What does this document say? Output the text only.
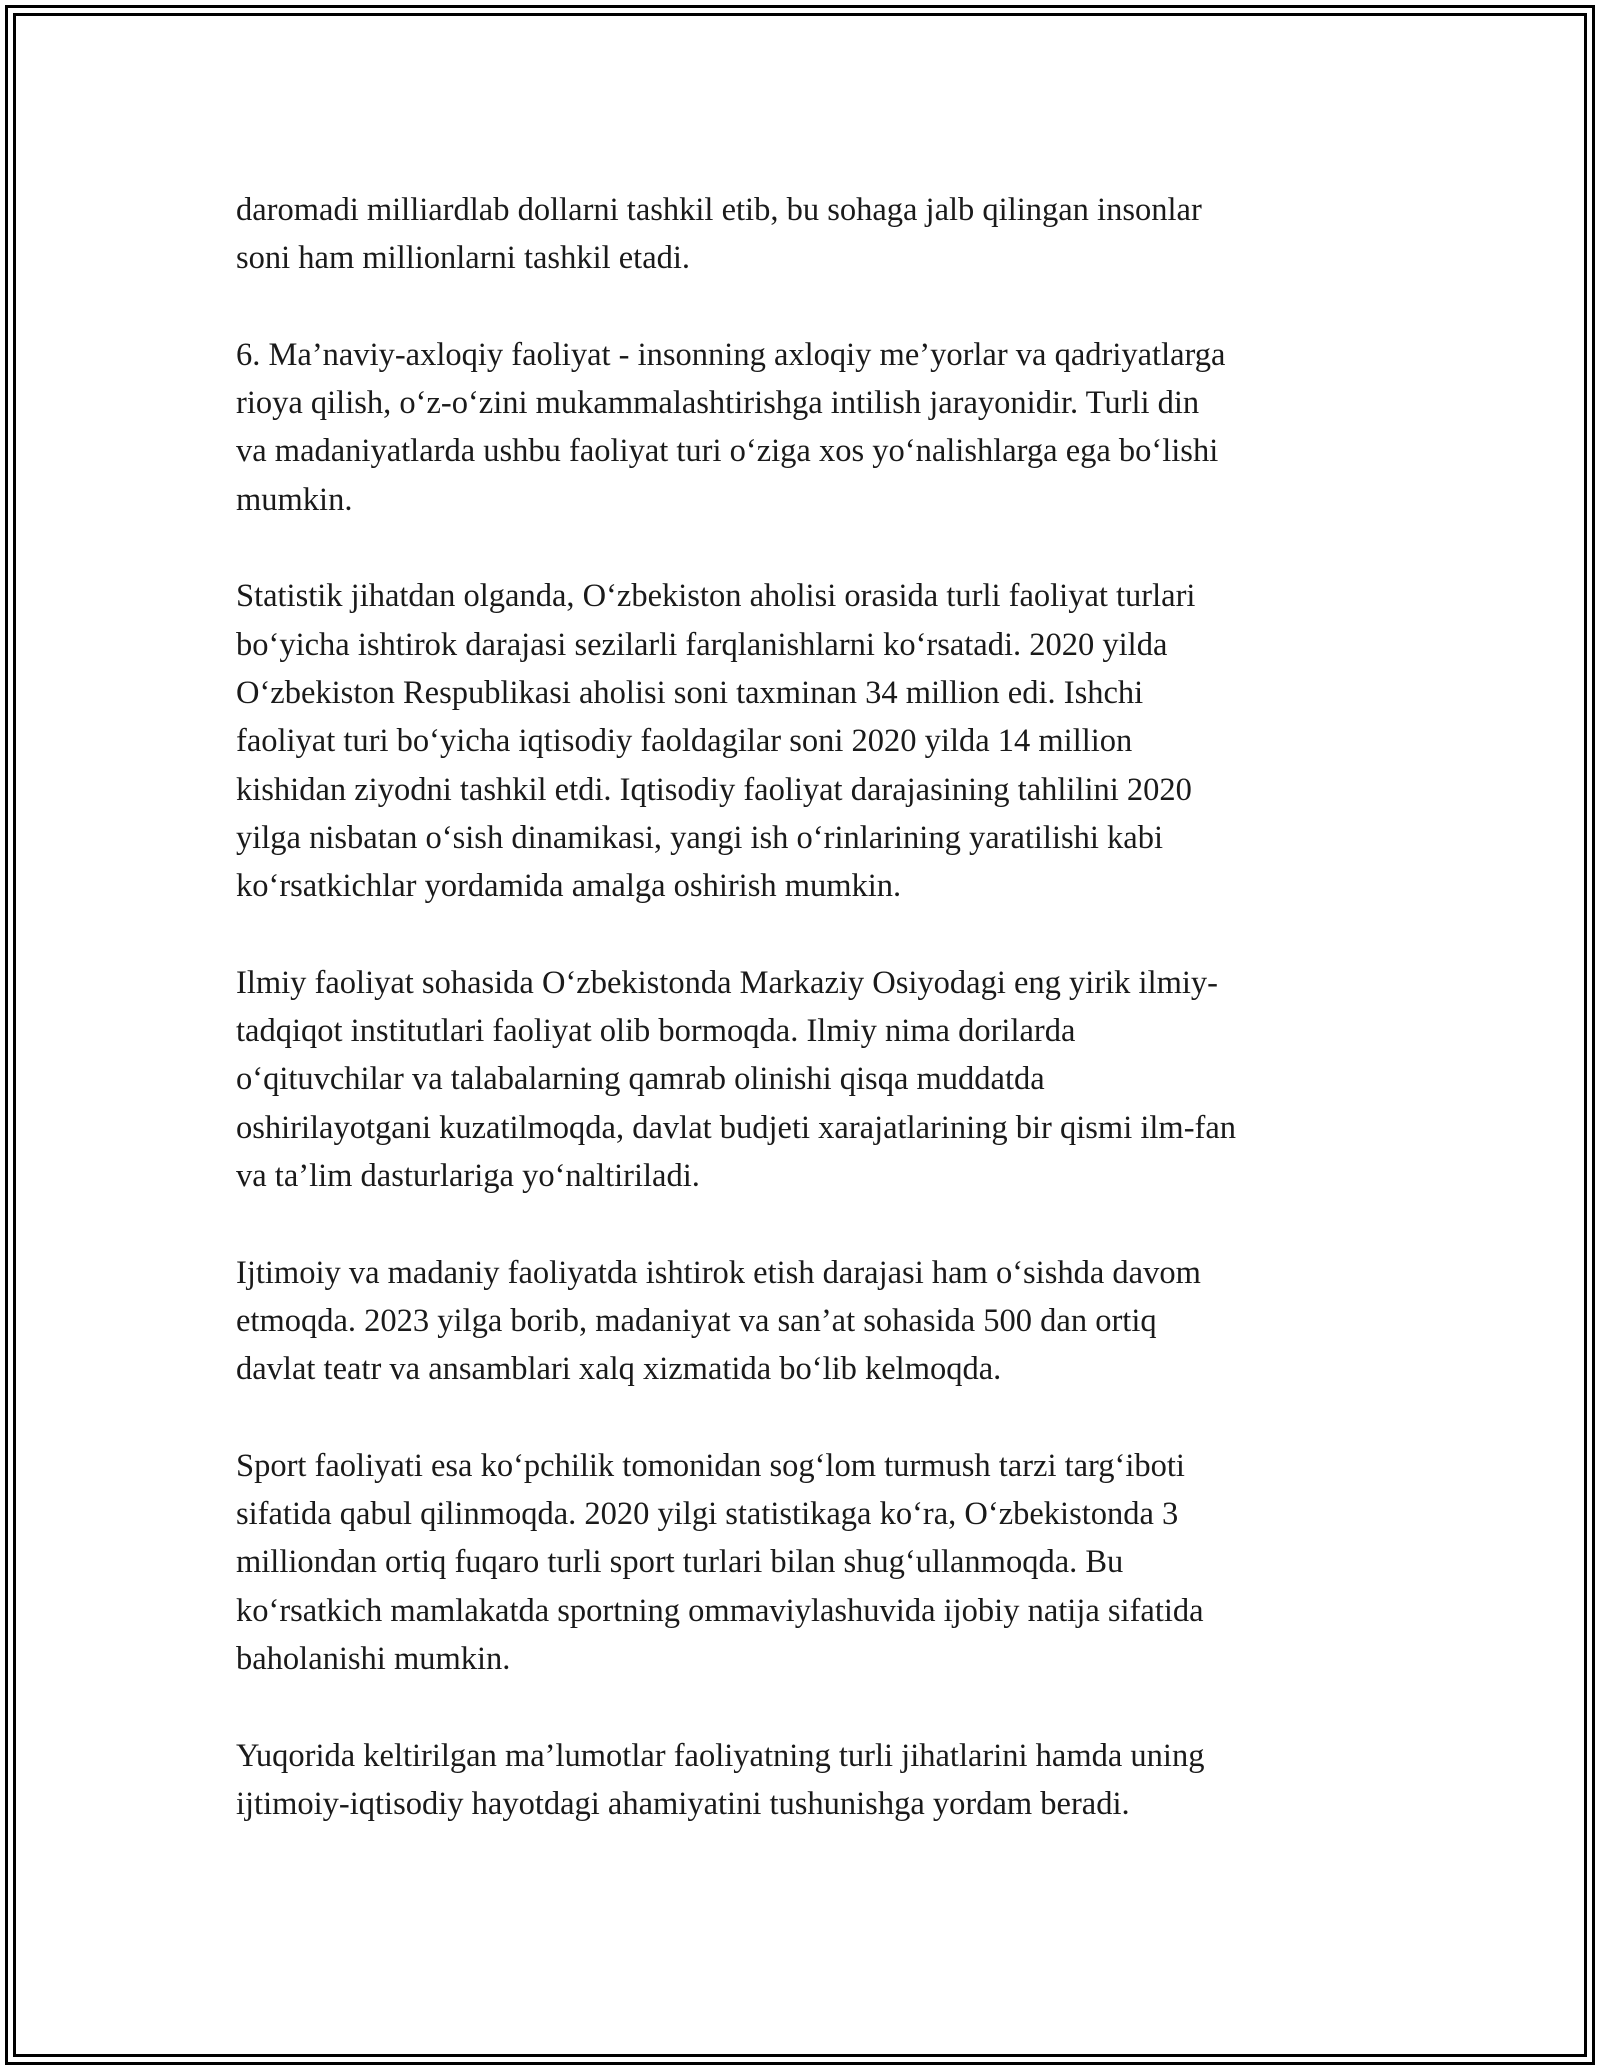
daromadi milliardlab dollarni tashkil etib, bu sohaga jalb qilingan insonlar
soni ham millionlarni tashkil etadi.

6. Ma’naviy-axloqiy faoliyat - insonning axloqiy me’yorlar va qadriyatlarga
rioya qilish, o‘z-o‘zini mukammalashtirishga intilish jarayonidir. Turli din
va madaniyatlarda ushbu faoliyat turi o‘ziga xos yo‘nalishlarga ega bo‘lishi
mumkin.

Statistik jihatdan olganda, O‘zbekiston aholisi orasida turli faoliyat turlari
bo‘yicha ishtirok darajasi sezilarli farqlanishlarni ko‘rsatadi. 2020 yilda
O‘zbekiston Respublikasi aholisi soni taxminan 34 million edi. Ishchi
faoliyat turi bo‘yicha iqtisodiy faoldagilar soni 2020 yilda 14 million
kishidan ziyodni tashkil etdi. Iqtisodiy faoliyat darajasining tahlilini 2020
yilga nisbatan o‘sish dinamikasi, yangi ish o‘rinlarining yaratilishi kabi
ko‘rsatkichlar yordamida amalga oshirish mumkin.

Ilmiy faoliyat sohasida O‘zbekistonda Markaziy Osiyodagi eng yirik ilmiy-
tadqiqot institutlari faoliyat olib bormoqda. Ilmiy nima dorilarda
o‘qituvchilar va talabalarning qamrab olinishi qisqa muddatda
oshirilayotgani kuzatilmoqda, davlat budjeti xarajatlarining bir qismi ilm-fan
va ta’lim dasturlariga yo‘naltiriladi.

Ijtimoiy va madaniy faoliyatda ishtirok etish darajasi ham o‘sishda davom
etmoqda. 2023 yilga borib, madaniyat va san’at sohasida 500 dan ortiq
davlat teatr va ansamblari xalq xizmatida bo‘lib kelmoqda.

Sport faoliyati esa ko‘pchilik tomonidan sog‘lom turmush tarzi targ‘iboti
sifatida qabul qilinmoqda. 2020 yilgi statistikaga ko‘ra, O‘zbekistonda 3
milliondan ortiq fuqaro turli sport turlari bilan shug‘ullanmoqda. Bu
ko‘rsatkich mamlakatda sportning ommaviylashuvida ijobiy natija sifatida
baholanishi mumkin.

Yuqorida keltirilgan ma’lumotlar faoliyatning turli jihatlarini hamda uning
ijtimoiy-iqtisodiy hayotdagi ahamiyatini tushunishga yordam beradi.
